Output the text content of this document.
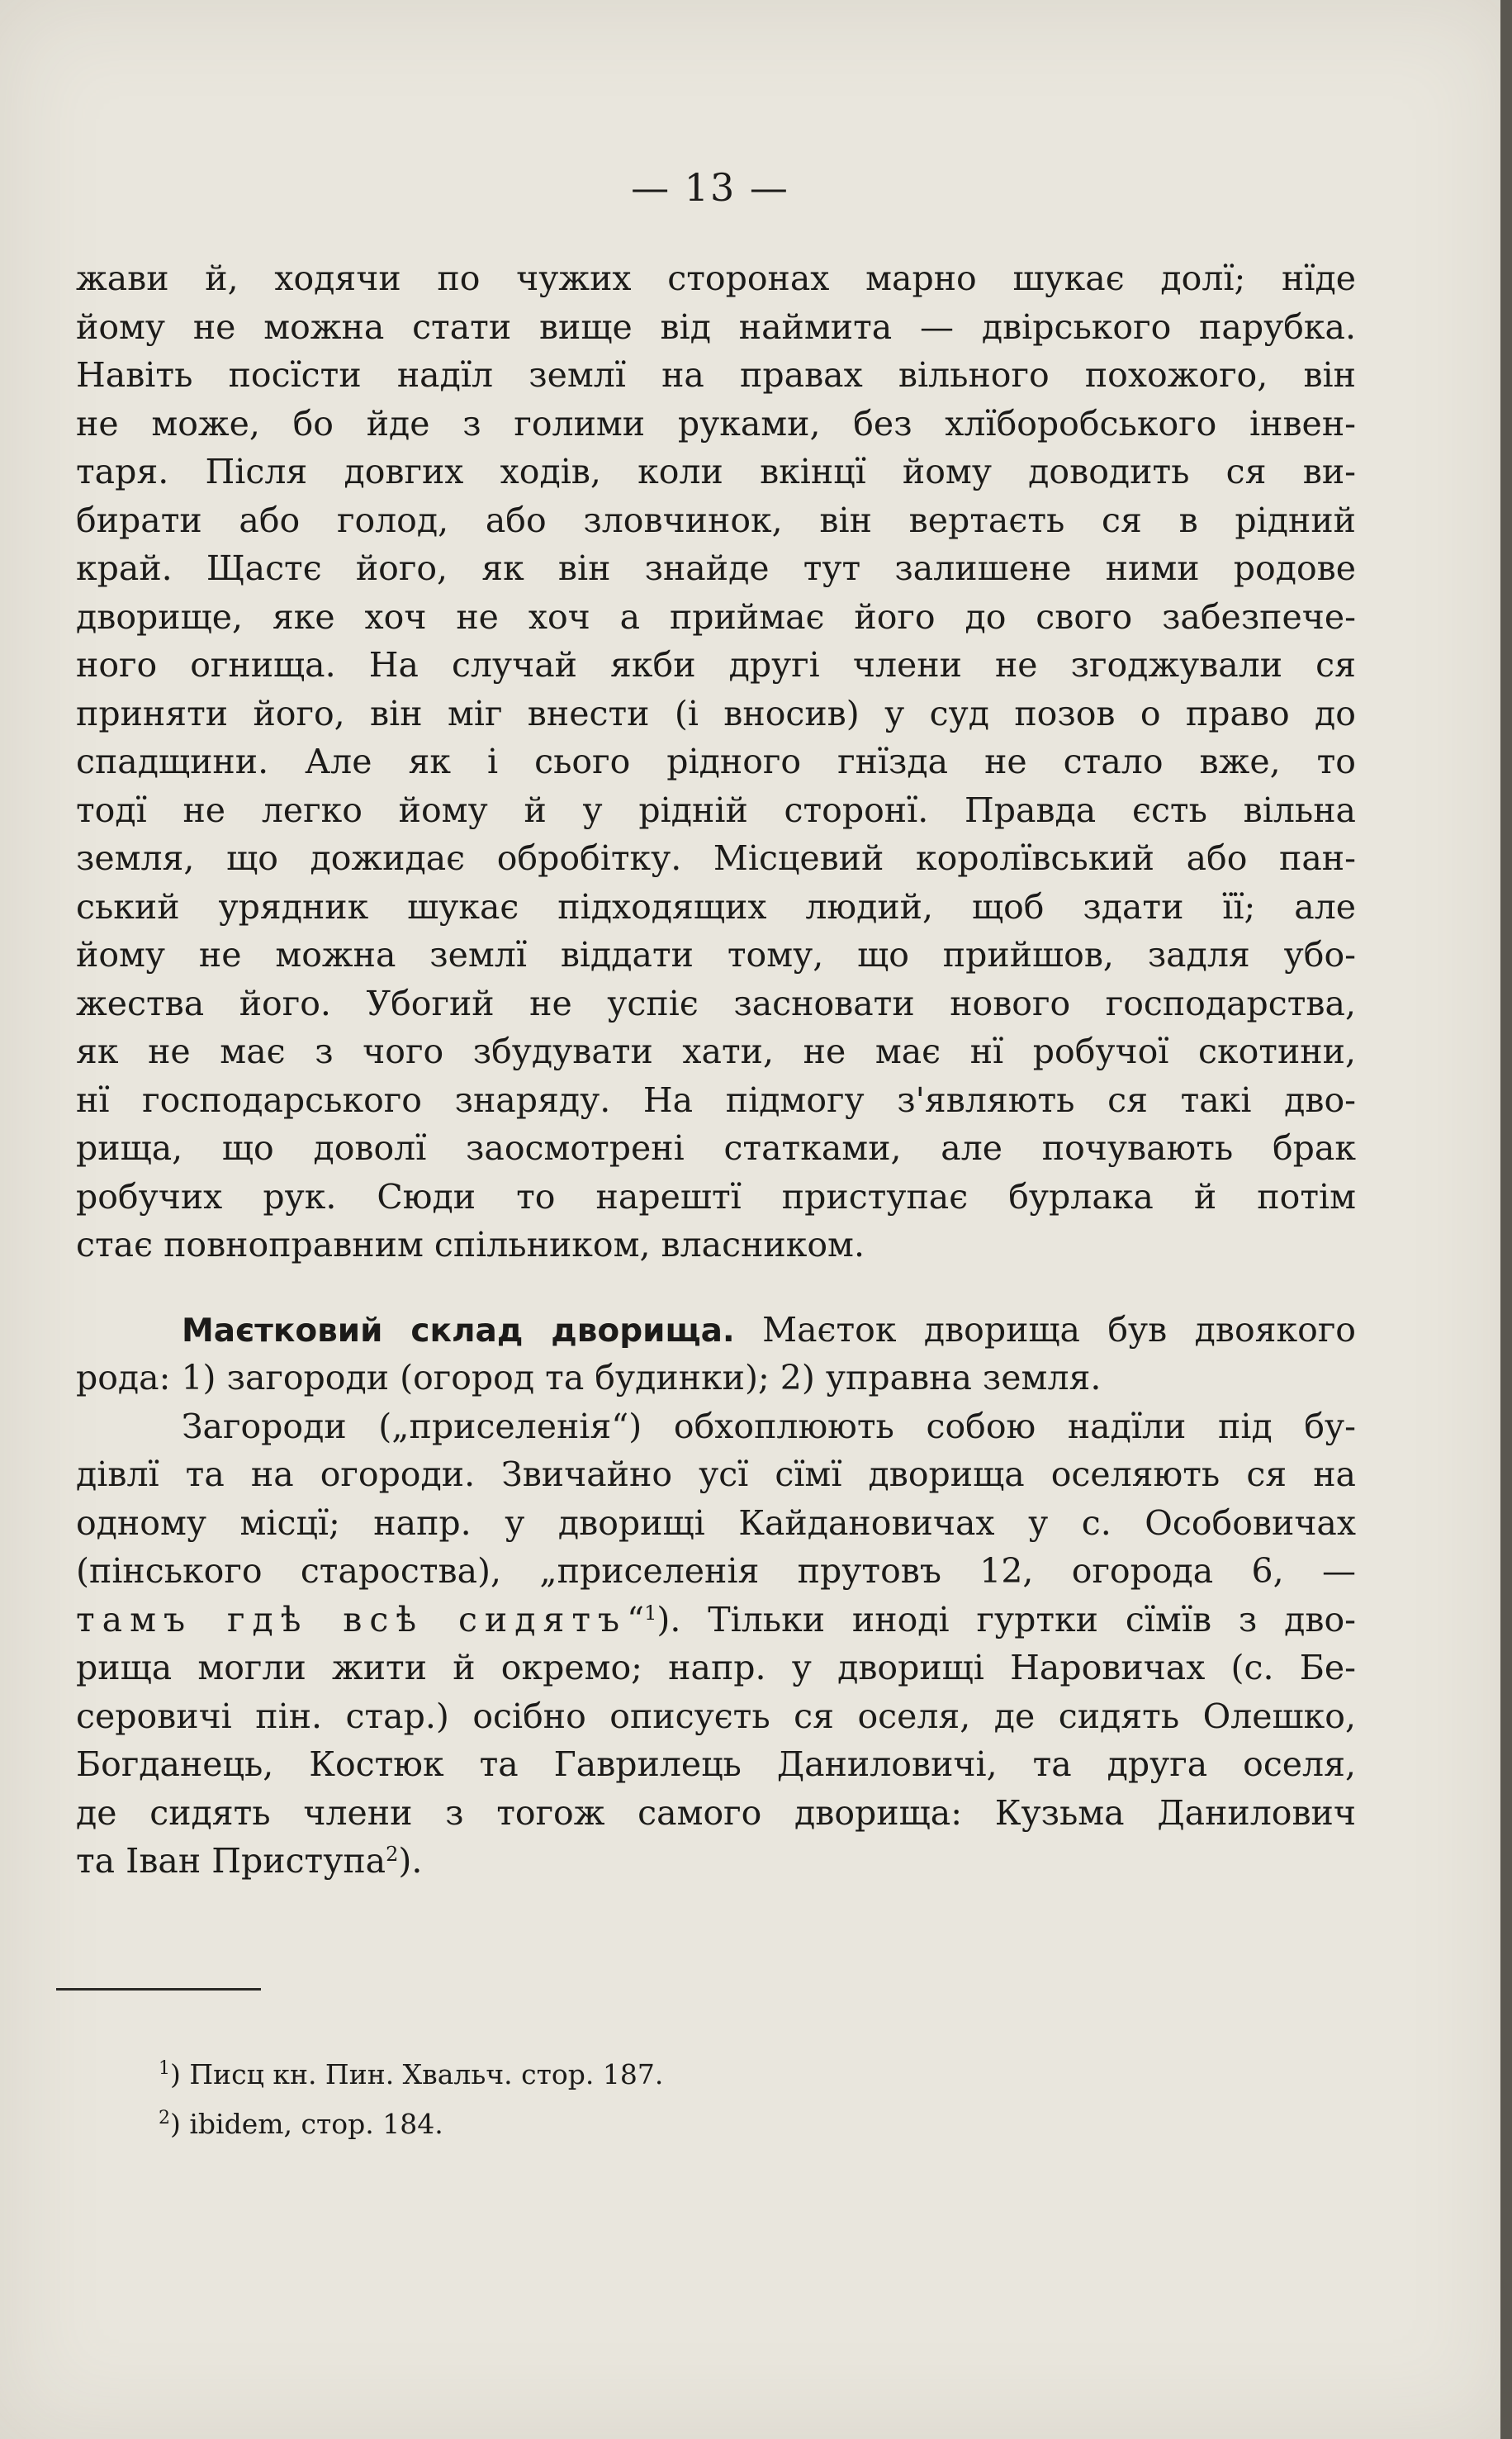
— 13 —
жави й, ходячи по чужих сторонах марно шукає долї; нїде
йому не можна стати вище від наймита — двірського парубка.
Навіть посїсти надїл землї на правах вільного похожого, він
не може, бо йде з голими руками, без хлїборобського інвен-
таря. Після довгих ходів, коли вкінцї йому доводить ся ви-
бирати або голод, або зловчинок, він вертаєть ся в рідний
край. Щастє його, як він знайде тут залишене ними родове
дворище, яке хоч не хоч а приймає його до свого забезпече-
ного огнища. На случай якби другі члени не згоджували ся
приняти його, він міг внести (і вносив) у суд позов о право до
спадщини. Але як і сього рідного гнїзда не стало вже, то
тодї не легко йому й у рідній сторонї. Правда єсть вільна
земля, що дожидає обробітку. Місцевий королївський або пан-
ський урядник шукає підходящих людий, щоб здати її; але
йому не можна землї віддати тому, що прийшов, задля убо-
жества його. Убогий не успіє засновати нового господарства,
як не має з чого збудувати хати, не має нї робучої скотини,
нї господарського знаряду. На підмогу з'являють ся такі дво-
рища, що доволї заосмотрені статками, але почувають брак
робучих рук. Сюди то нарештї приступає бурлака й потім
стає повноправним спільником, власником.
Маєтковий склад дворища. Маєток дворища був двоякого
рода: 1) загороди (огород та будинки); 2) управна земля.
Загороди („приселенія“) обхоплюють собою надїли під бу-
дівлї та на огороди. Звичайно усї сїмї дворища оселяють ся на
одному місцї; напр. у дворищі Кайдановичах у с. Особовичах
(пінського староства), „приселенія прутовъ 12, огорода 6, —
тамъ гдѣ всѣ сидятъ“$^1$). Тільки иноді гуртки сїмїв з дво-
рища могли жити й окремо; напр. у дворищі Наровичах (с. Бе-
серовичі пін. стар.) осібно описуєть ся оселя, де сидять Олешко,
Богданець, Костюк та Гаврилець Даниловичі, та друга оселя,
де сидять члени з тогож самого дворища: Кузьма Данилович
та Іван Приступа$^2$).
$^1$) Писц кн. Пин. Хвальч. стор. 187.
$^2$) ibidem, стор. 184.
